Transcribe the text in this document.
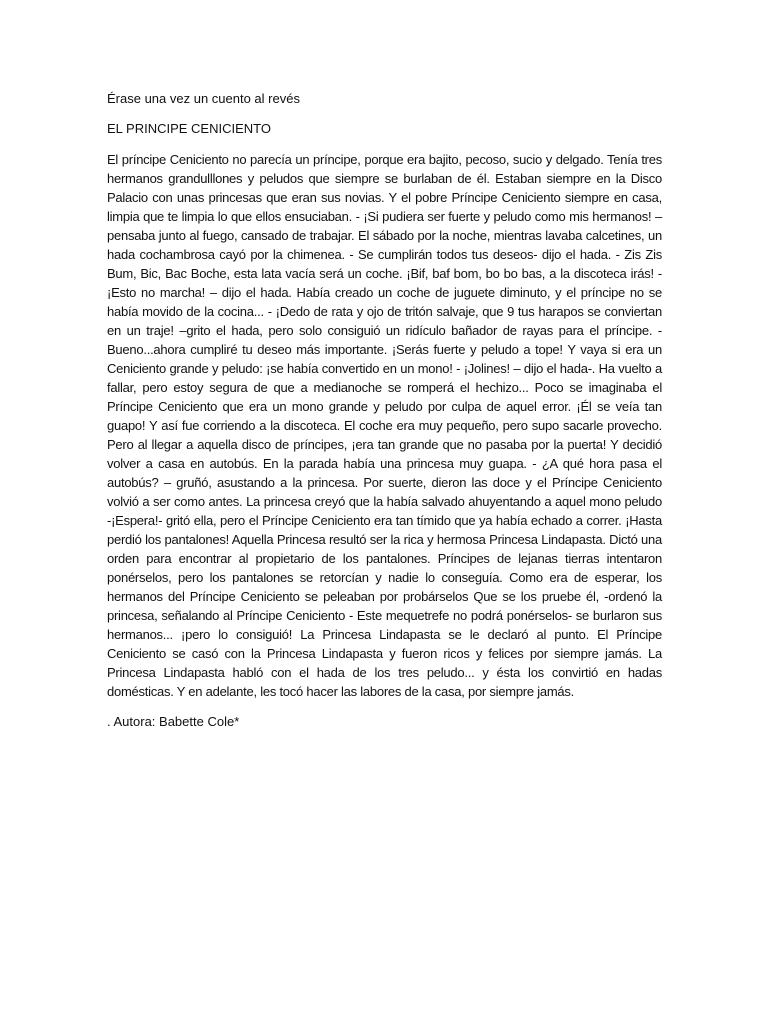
Érase una vez un cuento al revés

EL PRINCIPE CENICIENTO

El príncipe Ceniciento no parecía un príncipe, porque era bajito, pecoso, sucio y delgado. Tenía tres hermanos grandulllones y peludos que siempre se burlaban de él. Estaban siempre en la Disco Palacio con unas princesas que eran sus novias. Y el pobre Príncipe Ceniciento siempre en casa, limpia que te limpia lo que ellos ensuciaban. - ¡Si pudiera ser fuerte y peludo como mis hermanos! – pensaba junto al fuego, cansado de trabajar. El sábado por la noche, mientras lavaba calcetines, un hada cochambrosa cayó por la chimenea. - Se cumplirán todos tus deseos- dijo el hada. - Zis Zis Bum, Bic, Bac Boche, esta lata vacía será un coche. ¡Bif, baf bom, bo bo bas, a la discoteca irás! - ¡Esto no marcha! – dijo el hada. Había creado un coche de juguete diminuto, y el príncipe no se había movido de la cocina... - ¡Dedo de rata y ojo de tritón salvaje, que 9 tus harapos se conviertan en un traje! –grito el hada, pero solo consiguió un ridículo bañador de rayas para el príncipe. - Bueno...ahora cumpliré tu deseo más importante. ¡Serás fuerte y peludo a tope! Y vaya si era un Ceniciento grande y peludo: ¡se había convertido en un mono! - ¡Jolines! – dijo el hada-. Ha vuelto a fallar, pero estoy segura de que a medianoche se romperá el hechizo... Poco se imaginaba el Príncipe Ceniciento que era un mono grande y peludo por culpa de aquel error. ¡Él se veía tan guapo! Y así fue corriendo a la discoteca. El coche era muy pequeño, pero supo sacarle provecho. Pero al llegar a aquella disco de príncipes, ¡era tan grande que no pasaba por la puerta! Y decidió volver a casa en autobús. En la parada había una princesa muy guapa. - ¿A qué hora pasa el autobús? – gruñó, asustando a la princesa. Por suerte, dieron las doce y el Príncipe Ceniciento volvió a ser como antes. La princesa creyó que la había salvado ahuyentando a aquel mono peludo -¡Espera!- gritó ella, pero el Príncipe Ceniciento era tan tímido que ya había echado a correr. ¡Hasta perdió los pantalones! Aquella Princesa resultó ser la rica y hermosa Princesa Lindapasta. Dictó una orden para encontrar al propietario de los pantalones. Príncipes de lejanas tierras intentaron ponérselos, pero los pantalones se retorcían y nadie lo conseguía. Como era de esperar, los hermanos del Príncipe Ceniciento se peleaban por probárselos Que se los pruebe él, -ordenó la princesa, señalando al Príncipe Ceniciento - Este mequetrefe no podrá ponérselos- se burlaron sus hermanos... ¡pero lo consiguió! La Princesa Lindapasta se le declaró al punto. El Príncipe Ceniciento se casó con la Princesa Lindapasta y fueron ricos y felices por siempre jamás. La Princesa Lindapasta habló con el hada de los tres peludo... y ésta los convirtió en hadas domésticas. Y en adelante, les tocó hacer las labores de la casa, por siempre jamás.

. Autora: Babette Cole*
